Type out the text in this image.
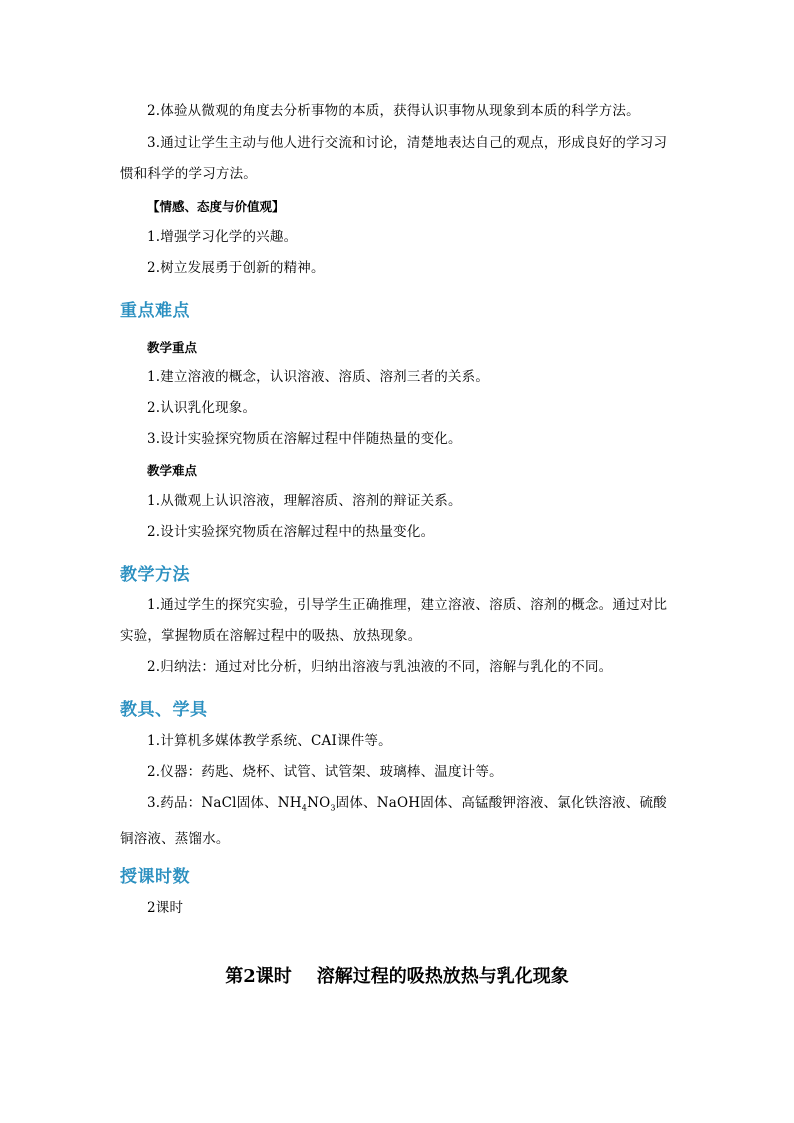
2.体验从微观的角度去分析事物的本质，获得认识事物从现象到本质的科学方法。

3.通过让学生主动与他人进行交流和讨论，清楚地表达自己的观点，形成良好的学习习惯和科学的学习方法。

【情感、态度与价值观】

1.增强学习化学的兴趣。

2.树立发展勇于创新的精神。

重点难点

教学重点

1.建立溶液的概念，认识溶液、溶质、溶剂三者的关系。

2.认识乳化现象。

3.设计实验探究物质在溶解过程中伴随热量的变化。

教学难点

1.从微观上认识溶液，理解溶质、溶剂的辩证关系。

2.设计实验探究物质在溶解过程中的热量变化。

教学方法

1.通过学生的探究实验，引导学生正确推理，建立溶液、溶质、溶剂的概念。通过对比实验，掌握物质在溶解过程中的吸热、放热现象。

2.归纳法：通过对比分析，归纳出溶液与乳浊液的不同，溶解与乳化的不同。

教具、学具

1.计算机多媒体教学系统、CAI课件等。

2.仪器：药匙、烧杯、试管、试管架、玻璃棒、温度计等。

3.药品：NaCl固体、$NH_4NO_3$固体、NaOH固体、高锰酸钾溶液、氯化铁溶液、硫酸铜溶液、蒸馏水。

授课时数

2课时

第2课时    溶解过程的吸热放热与乳化现象
